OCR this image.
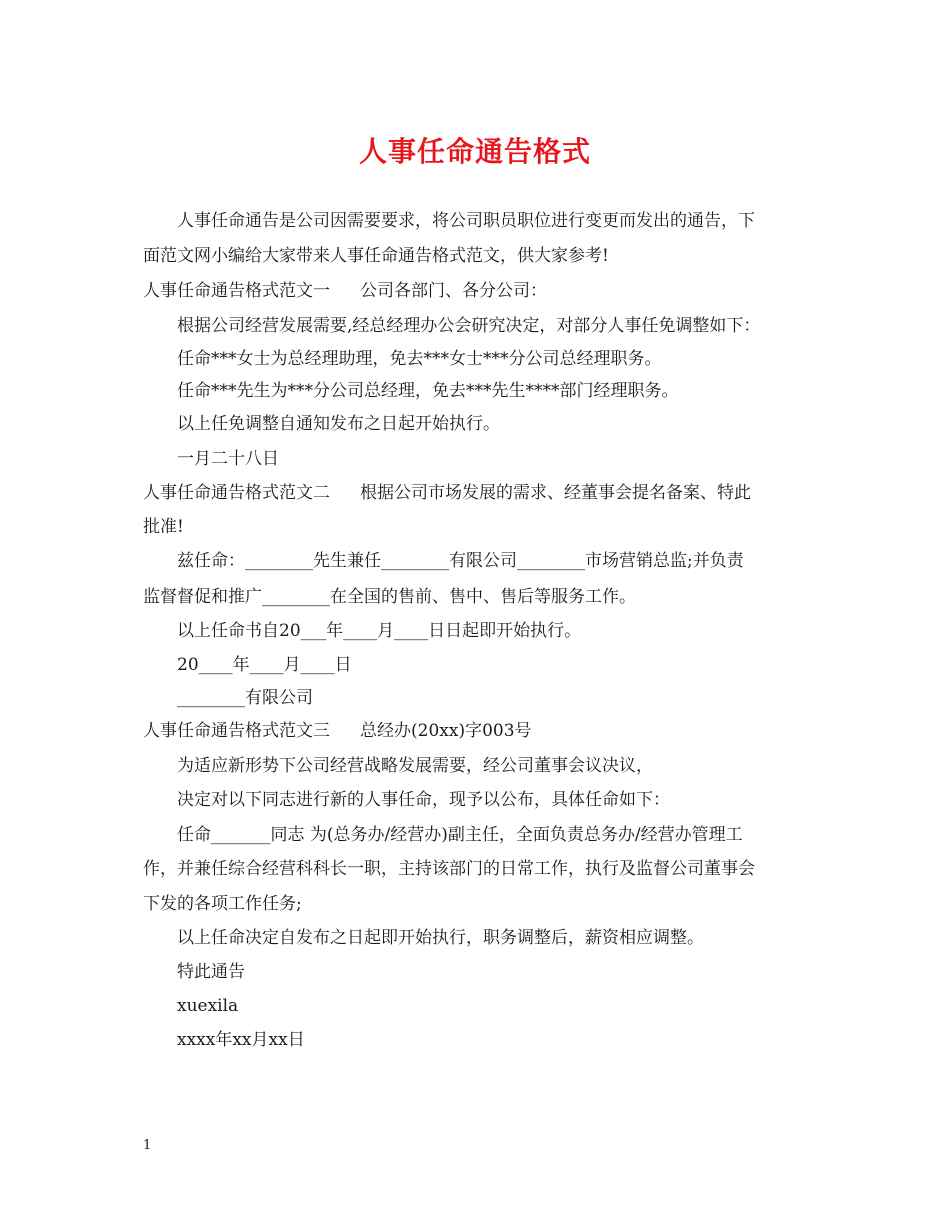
人事任命通告格式
人事任命通告是公司因需要要求，将公司职员职位进行变更而发出的通告，下
面范文网小编给大家带来人事任命通告格式范文，供大家参考!
人事任命通告格式范文一 公司各部门、各分公司：
根据公司经营发展需要,经总经理办公会研究决定，对部分人事任免调整如下：
任命***女士为总经理助理，免去***女士***分公司总经理职务。
任命***先生为***分公司总经理，免去***先生****部门经理职务。
以上任免调整自通知发布之日起开始执行。
一月二十八日
人事任命通告格式范文二 根据公司市场发展的需求、经董事会提名备案、特此
批准!
兹任命：________先生兼任________有限公司________市场营销总监;并负责
监督督促和推广________在全国的售前、售中、售后等服务工作。
以上任命书自20___年____月____日日起即开始执行。
20____年____月____日
________有限公司
人事任命通告格式范文三 总经办(20xx)字003号
为适应新形势下公司经营战略发展需要，经公司董事会议决议，
决定对以下同志进行新的人事任命，现予以公布，具体任命如下：
任命_______同志 为(总务办/经营办)副主任，全面负责总务办/经营办管理工
作，并兼任综合经营科科长一职，主持该部门的日常工作，执行及监督公司董事会
下发的各项工作任务;
以上任命决定自发布之日起即开始执行，职务调整后，薪资相应调整。
特此通告
xuexila
xxxx年xx月xx日
1
